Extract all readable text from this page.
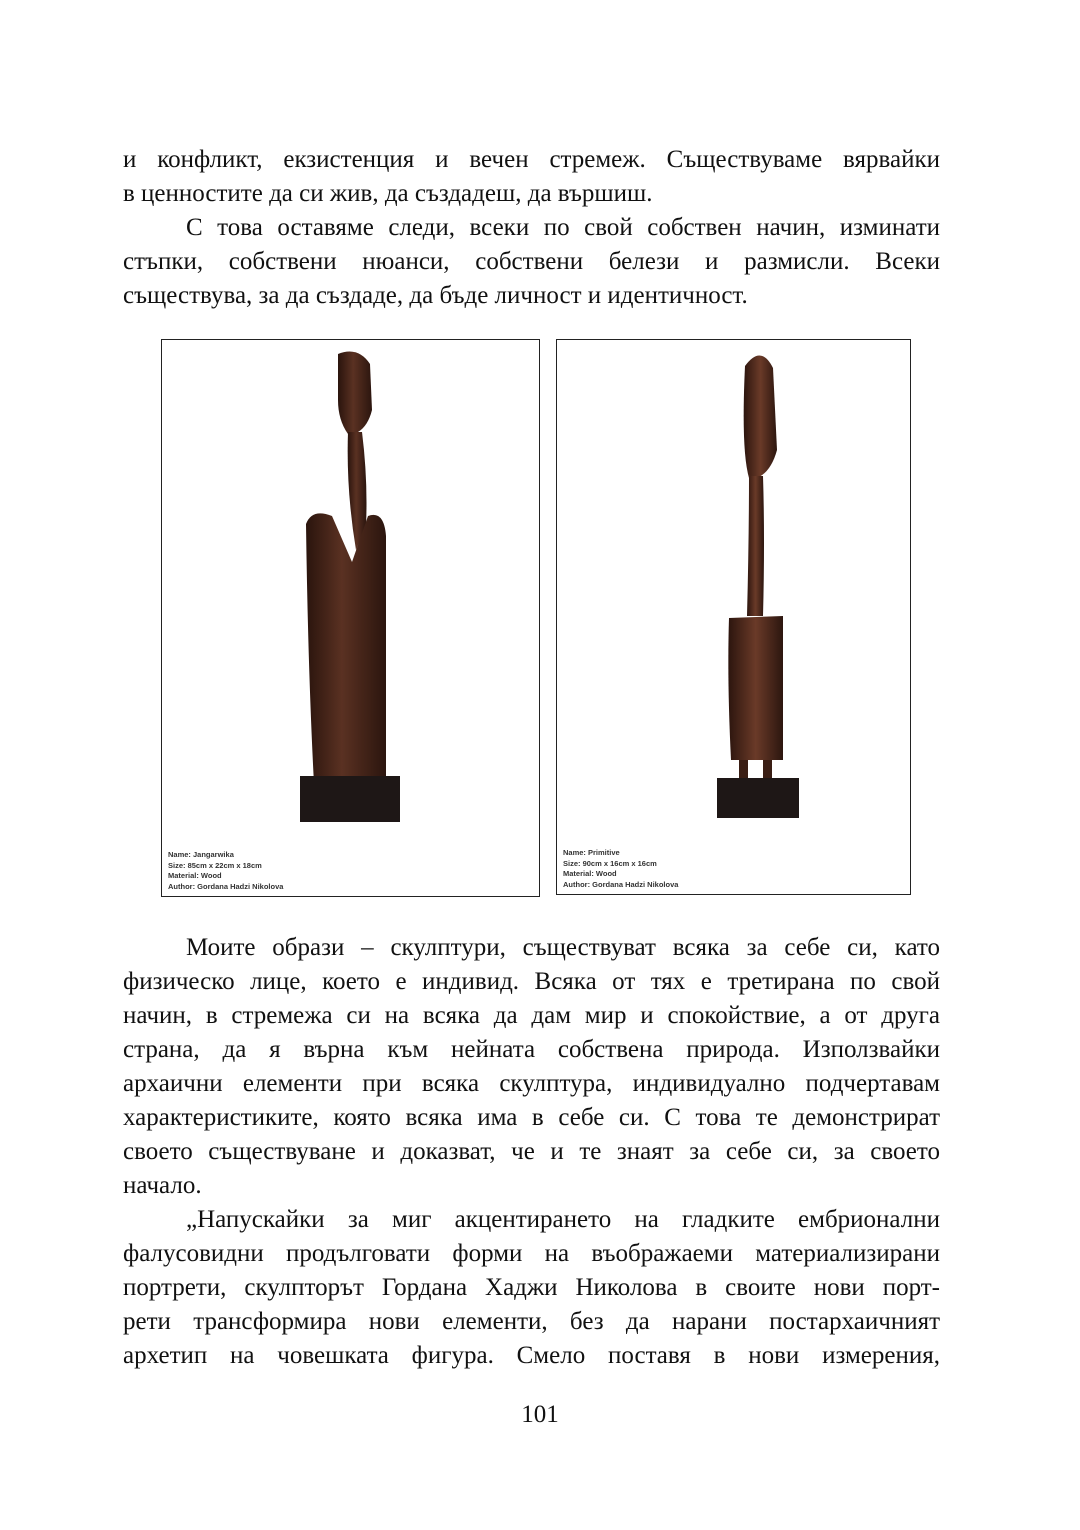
и конфликт, екзистенция и вечен стремеж. Съществуваме вярвайки
в ценностите да си жив, да създадеш, да вършиш.
С това оставяме следи, всеки по свой собствен начин, изминати
стъпки, собствени нюанси, собствени белези и размисли. Всеки
съществува, за да създаде, да бъде личност и идентичност.
Name: Jangarwika
Size: 85cm x 22cm x 18cm
Material: Wood
Author: Gordana Hadzi Nikolova
Name: Primitive
Size: 90cm x 16cm x 16cm
Material: Wood
Author: Gordana Hadzi Nikolova
Моите образи – скулптури, съществуват всяка за себе си, като
физическо лице, което е индивид. Всяка от тях е третирана по свой
начин, в стремежа си на всяка да дам мир и спокойствие, а от друга
страна, да я върна към нейната собствена природа. Използвайки
архаични елементи при всяка скулптура, индивидуално подчертавам
характеристиките, която всяка има в себе си. С това те демонстрират
своето съществуване и доказват, че и те знаят за себе си, за своето
начало.
„Напускайки за миг акцентирането на гладките ембрионални
фалусовидни продълговати форми на въображаеми материализирани
портрети, скулпторът Гордана Хаджи Николова в своите нови порт-
рети трансформира нови елементи, без да нарани постархаичният
архетип на човешката фигура. Смело поставя в нови измерения,
101
